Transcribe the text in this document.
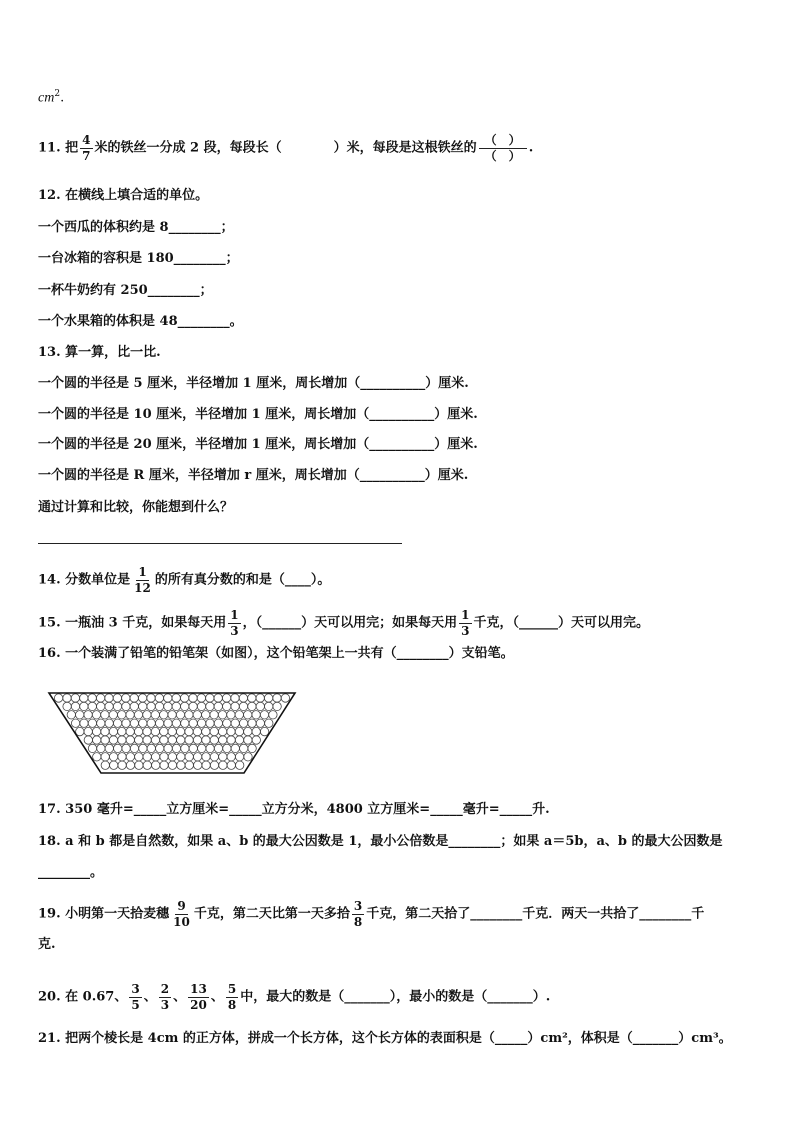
$cm^2$.
11. 把 $\frac{4}{7}$ 米的铁丝一分成 2 段，每段长（　　　　	）米，每段是这根铁丝的 $\frac{( )}{( )}$ .
12. 在横线上填合适的单位。
一个西瓜的体积约是 8________；
一台冰箱的容积是 180________；
一杯牛奶约有 250________；
一个水果箱的体积是 48________。
13. 算一算，比一比.
一个圆的半径是 5 厘米，半径增加 1 厘米，周长增加（__________）厘米.
一个圆的半径是 10 厘米，半径增加 1 厘米，周长增加（__________）厘米.
一个圆的半径是 20 厘米，半径增加 1 厘米，周长增加（__________）厘米.
一个圆的半径是 R 厘米，半径增加 r 厘米，周长增加（__________）厘米.
通过计算和比较，你能想到什么？
14. 分数单位是 $\frac{1}{12}$ 的所有真分数的和是（____）。
15. 一瓶油 3 千克，如果每天用 $\frac{1}{3}$ ，（______）天可以用完；如果每天用 $\frac{1}{3}$ 千克，（______）天可以用完。
16. 一个装满了铅笔的铅笔架（如图），这个铅笔架上一共有（________）支铅笔。
17. 350 毫升=_____立方厘米=_____立方分米，4800 立方厘米=_____毫升=_____升.
18. a 和 b 都是自然数，如果 a、b 的最大公因数是 1，最小公倍数是________；如果 a＝5b，a、b 的最大公因数是
________。
19. 小明第一天拾麦穗 $\frac{9}{10}$ 千克，第二天比第一天多拾 $\frac{3}{8}$ 千克，第二天拾了________千克．两天一共拾了________千
克.
20. 在 0.67、 $\frac{3}{5}$ 、 $\frac{2}{3}$ 、 $\frac{13}{20}$ 、 $\frac{5}{8}$ 中，最大的数是（_______），最小的数是（_______）.
21. 把两个棱长是 4cm 的正方体，拼成一个长方体，这个长方体的表面积是（_____）cm²，体积是（_______）cm³。
